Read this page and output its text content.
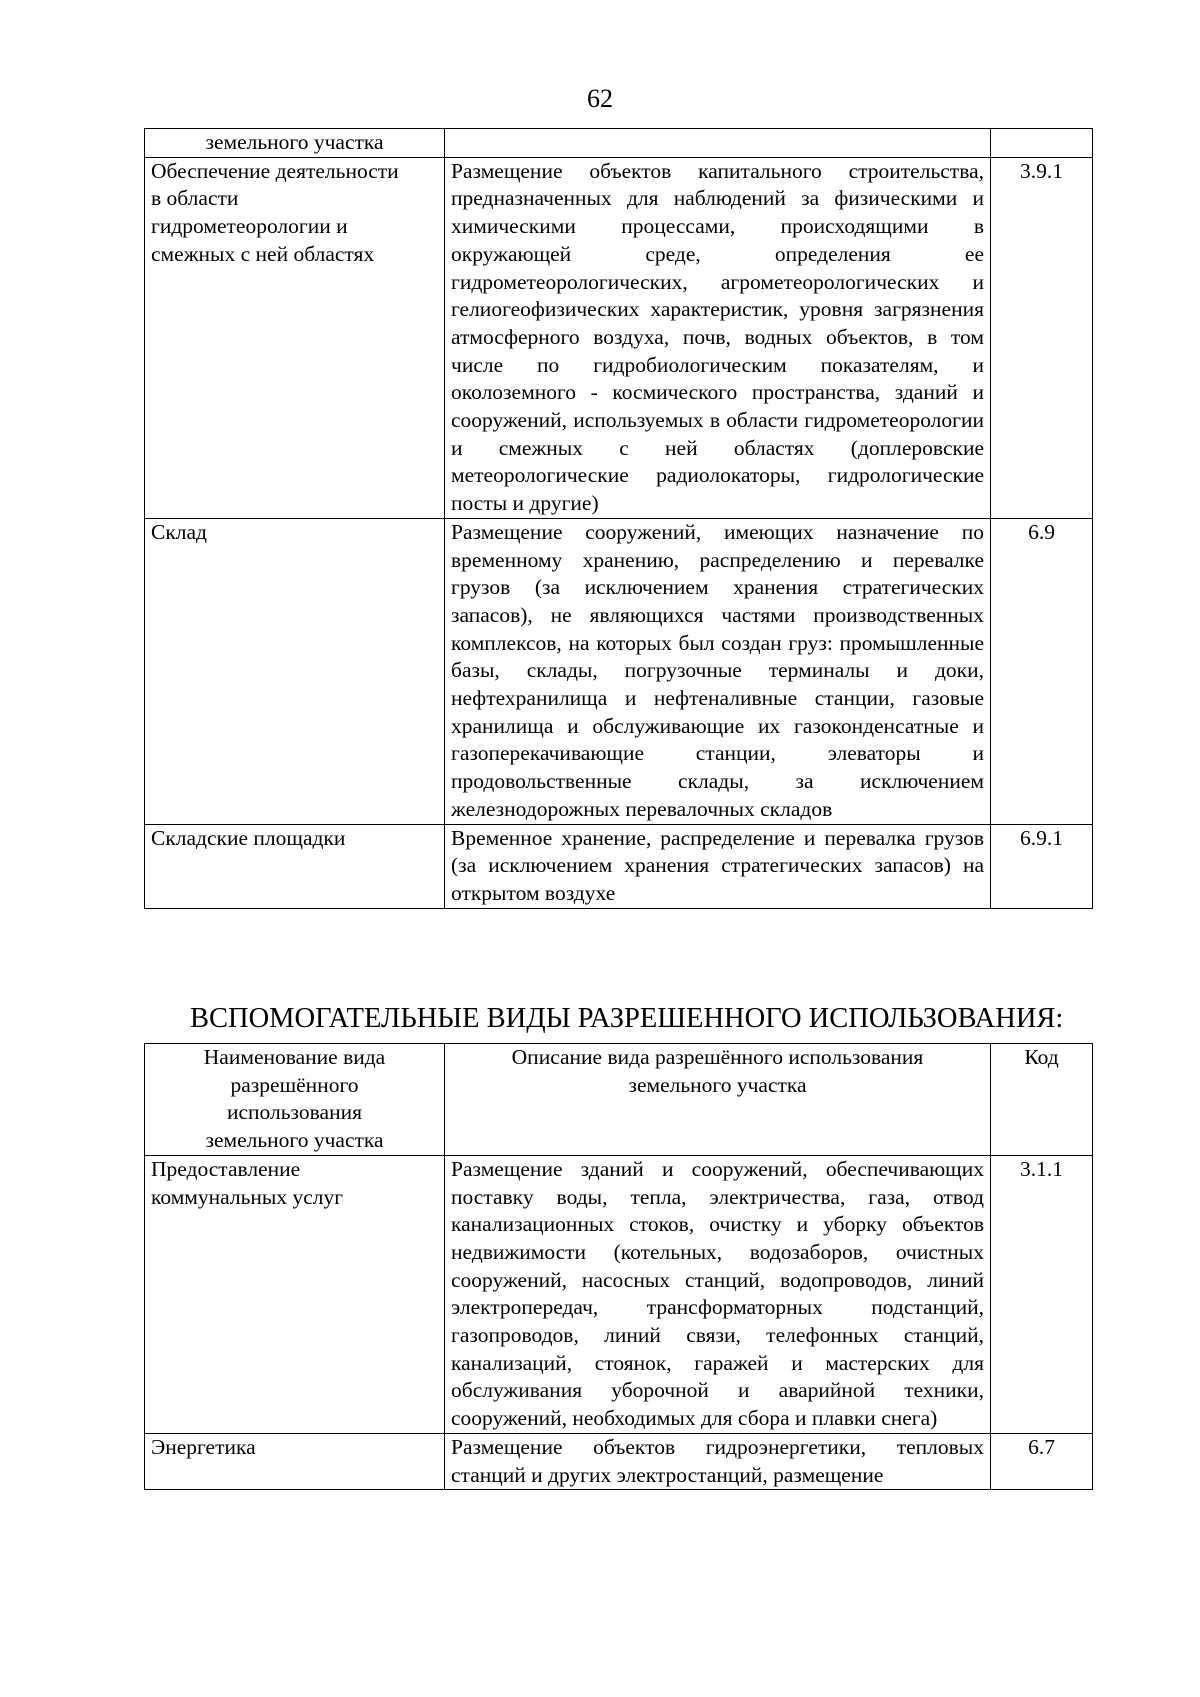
62
земельного участка		

Обеспечение деятельности в области гидрометеорологии и смежных с ней областях	Размещение объектов капитального строительства, предназначенных для наблюдений за физическими и химическими процессами, происходящими в окружающей среде, определения ее гидрометеорологических, агрометеорологических и гелиогеофизических характеристик, уровня загрязнения атмосферного воздуха, почв, водных объектов, в том числе по гидробиологическим показателям, и околоземного - космического пространства, зданий и сооружений, используемых в области гидрометеорологии и смежных с ней областях (доплеровские метеорологические радиолокаторы, гидрологические посты и другие)	3.9.1
Склад	Размещение сооружений, имеющих назначение по временному хранению, распределению и перевалке грузов (за исключением хранения стратегических запасов), не являющихся частями производственных комплексов, на которых был создан груз: промышленные базы, склады, погрузочные терминалы и доки, нефтехранилища и нефтеналивные станции, газовые хранилища и обслуживающие их газоконденсатные и газоперекачивающие станции, элеваторы и продовольственные склады, за исключением железнодорожных перевалочных складов	6.9
Складские площадки	Временное хранение, распределение и перевалка грузов (за исключением хранения стратегических запасов) на открытом воздухе	6.9.1
ВСПОМОГАТЕЛЬНЫЕ ВИДЫ РАЗРЕШЕННОГО ИСПОЛЬЗОВАНИЯ:
Наименование вида разрешённого использования земельного участка	Описание вида разрешённого использования земельного участка	Код

Предоставление коммунальных услуг	Размещение зданий и сооружений, обеспечивающих поставку воды, тепла, электричества, газа, отвод канализационных стоков, очистку и уборку объектов недвижимости (котельных, водозаборов, очистных сооружений, насосных станций, водопроводов, линий электропередач, трансформаторных подстанций, газопроводов, линий связи, телефонных станций, канализаций, стоянок, гаражей и мастерских для обслуживания уборочной и аварийной техники, сооружений, необходимых для сбора и плавки снега)	3.1.1
Энергетика	Размещение объектов гидроэнергетики, тепловых станций и других электростанций, размещение	6.7
